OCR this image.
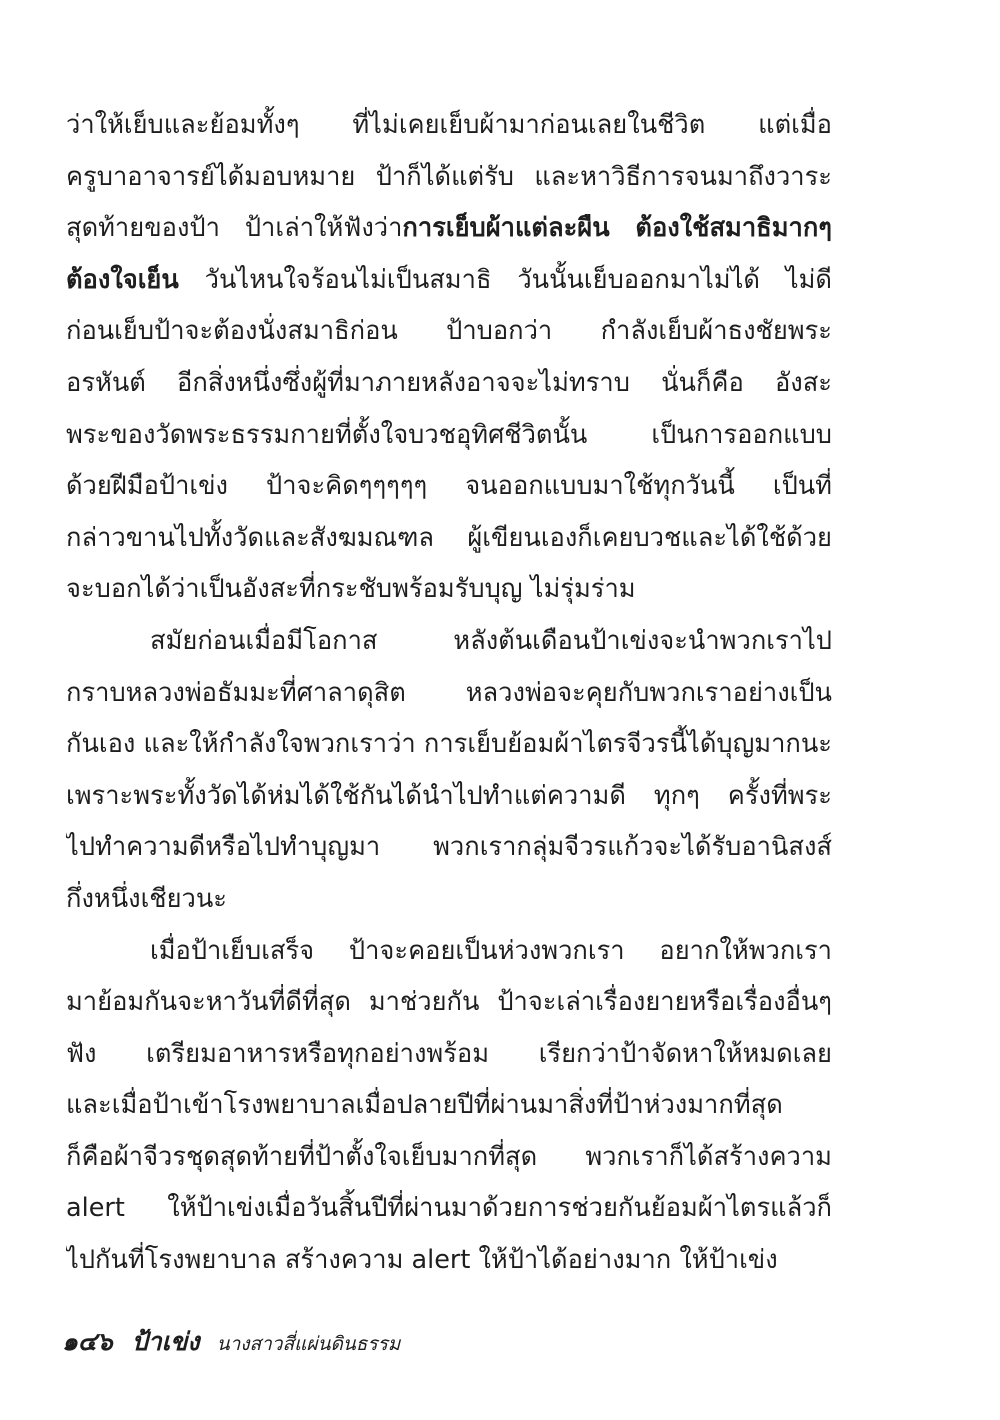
ว่าให้เย็บและย้อมทั้งๆ ที่ไม่เคยเย็บผ้ามาก่อนเลยในชีวิต แต่เมื่อ
ครูบาอาจารย์ได้มอบหมาย ป้าก็ได้แต่รับ และหาวิธีการจนมาถึงวาระ
สุดท้ายของป้า ป้าเล่าให้ฟังว่าการเย็บผ้าแต่ละผืน ต้องใช้สมาธิมากๆ
ต้องใจเย็น วันไหนใจร้อนไม่เป็นสมาธิ วันนั้นเย็บออกมาไม่ได้ ไม่ดี
ก่อนเย็บป้าจะต้องนั่งสมาธิก่อน ป้าบอกว่า กำลังเย็บผ้าธงชัยพระ
อรหันต์ อีกสิ่งหนึ่งซึ่งผู้ที่มาภายหลังอาจจะไม่ทราบ นั่นก็คือ อังสะ
พระของวัดพระธรรมกายที่ตั้งใจบวชอุทิศชีวิตนั้น เป็นการออกแบบ
ด้วยฝีมือป้าเข่ง ป้าจะคิดๆๆๆๆๆ จนออกแบบมาใช้ทุกวันนี้ เป็นที่
กล่าวขานไปทั้งวัดและสังฆมณฑล ผู้เขียนเองก็เคยบวชและได้ใช้ด้วย
จะบอกได้ว่าเป็นอังสะที่กระชับพร้อมรับบุญ ไม่รุ่มร่าม
สมัยก่อนเมื่อมีโอกาส หลังต้นเดือนป้าเข่งจะนำพวกเราไป
กราบหลวงพ่อธัมมะที่ศาลาดุสิต หลวงพ่อจะคุยกับพวกเราอย่างเป็น
กันเอง และให้กำลังใจพวกเราว่า การเย็บย้อมผ้าไตรจีวรนี้ได้บุญมากนะ
เพราะพระทั้งวัดได้ห่มได้ใช้กันได้นำไปทำแต่ความดี ทุกๆ ครั้งที่พระ
ไปทำความดีหรือไปทำบุญมา พวกเรากลุ่มจีวรแก้วจะได้รับอานิสงส์
กึ่งหนึ่งเชียวนะ
เมื่อป้าเย็บเสร็จ ป้าจะคอยเป็นห่วงพวกเรา อยากให้พวกเรา
มาย้อมกันจะหาวันที่ดีที่สุด มาช่วยกัน ป้าจะเล่าเรื่องยายหรือเรื่องอื่นๆ
ฟัง เตรียมอาหารหรือทุกอย่างพร้อม เรียกว่าป้าจัดหาให้หมดเลย
และเมื่อป้าเข้าโรงพยาบาลเมื่อปลายปีที่ผ่านมาสิ่งที่ป้าห่วงมากที่สุด
ก็คือผ้าจีวรชุดสุดท้ายที่ป้าตั้งใจเย็บมากที่สุด พวกเราก็ได้สร้างความ
alert ให้ป้าเข่งเมื่อวันสิ้นปีที่ผ่านมาด้วยการช่วยกันย้อมผ้าไตรแล้วก็
ไปกันที่โรงพยาบาล สร้างความ alert ให้ป้าได้อย่างมาก ให้ป้าเข่ง
๑๔๖ ป้าเข่ง นางสาวสี่แผ่นดินธรรม
